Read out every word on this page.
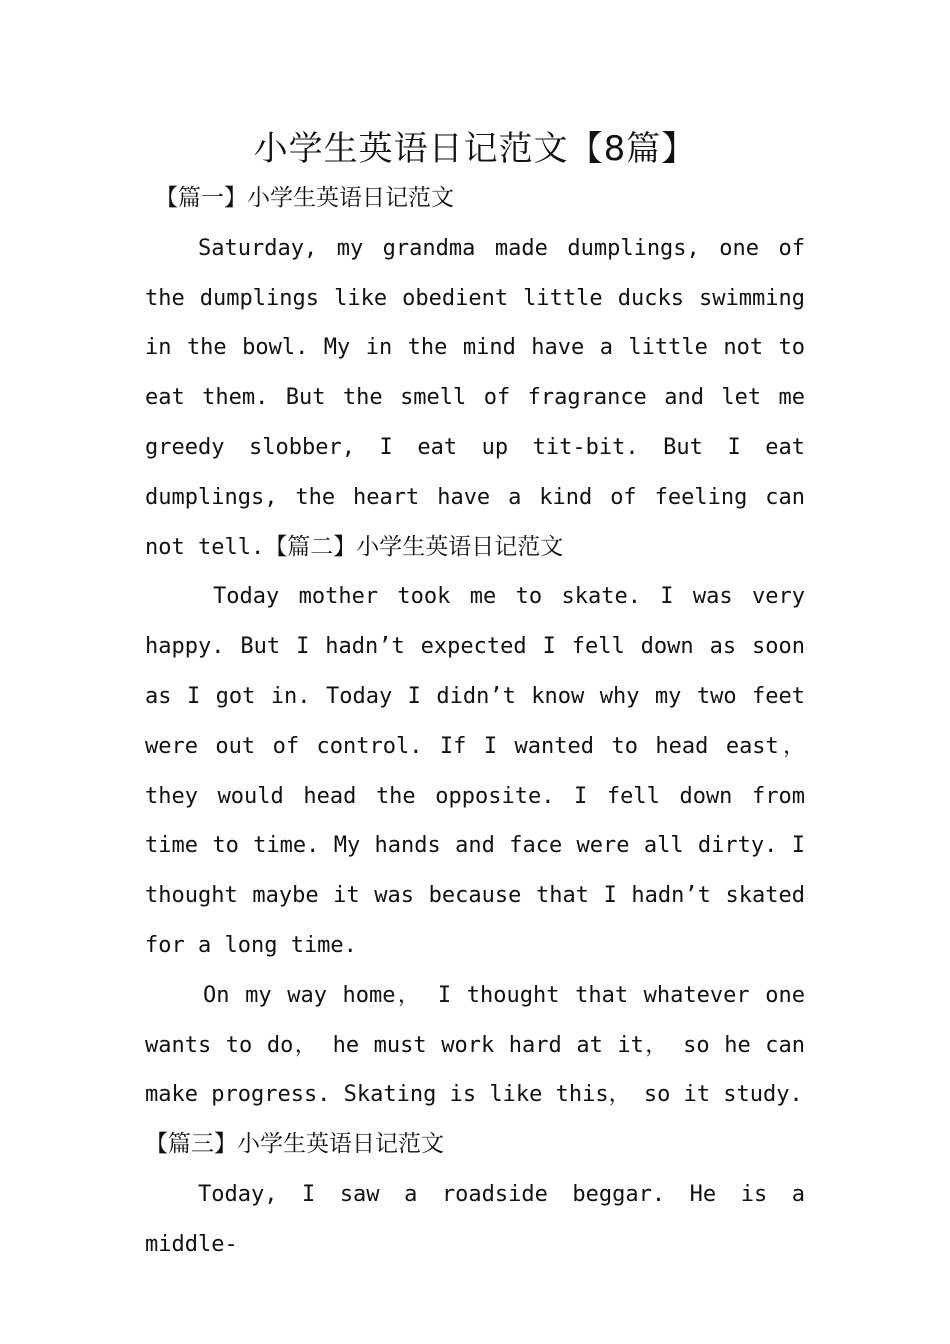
小学生英语日记范文【8篇】

【篇一】小学生英语日记范文

Saturday, my grandma made dumplings, one of the dumplings like obedient little ducks swimming in the bowl. My in the mind have a little not to eat them. But the smell of fragrance and let me greedy slobber, I eat up tit-bit. But I eat dumplings, the heart have a kind of feeling can not tell.【篇二】小学生英语日记范文

Today mother took me to skate. I was very happy. But I hadn’t expected I fell down as soon as I got in. Today I didn’t know why my two feet were out of control. If I wanted to head east， they would head the opposite. I fell down from time to time. My hands and face were all dirty. I thought maybe it was because that I hadn’t skated for a long time.

On my way home， I thought that whatever one wants to do， he must work hard at it， so he can make progress. Skating is like this， so it study.

【篇三】小学生英语日记范文

Today, I saw a roadside beggar. He is a middle-
